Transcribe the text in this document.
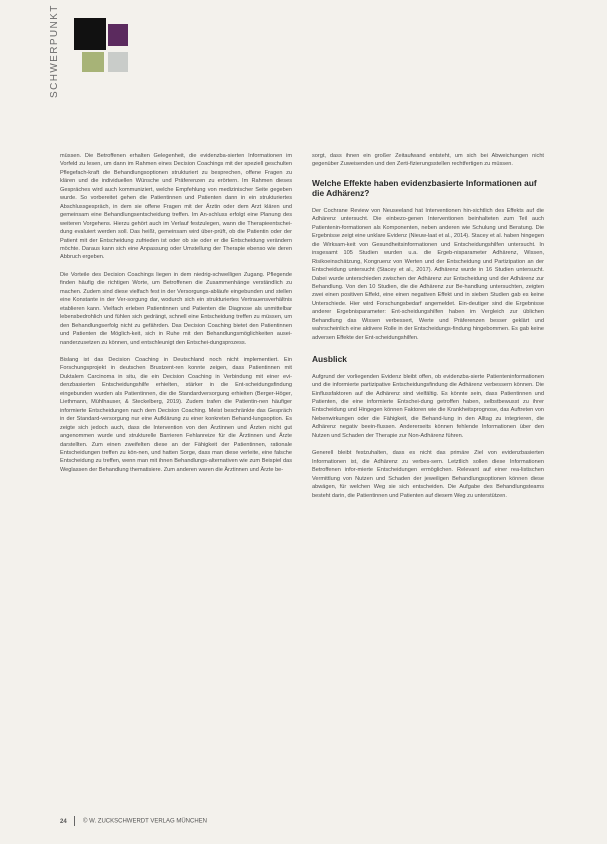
SCHWERPUNKT

müssen. Die Betroffenen erhalten Gelegenheit, die evidenzba-sierten Informationen im Vorfeld zu lesen, um dann im Rahmen eines Decision Coachings mit der speziell geschulten Pflegefach-kraft die Behandlungsoptionen strukturiert zu besprechen, offene Fragen zu klären und die individuellen Wünsche und Präferenzen zu erörtern. Im Rahmen dieses Gespräches wird auch kommuniziert, welche Empfehlung von medizinischer Seite gegeben wurde. So vorbereitet gehen die Patientinnen und Patienten dann in ein strukturiertes Abschlussgespräch, in dem sie offene Fragen mit der Ärztin oder dem Arzt klären und gemeinsam eine Behandlungsentscheidung treffen. Im An-schluss erfolgt eine Planung des weiteren Vorgehens. Hierzu gehört auch im Verlauf festzulegen, wann die Therapieentschei-dung evaluiert werden soll. Das heißt, gemeinsam wird über-prüft, ob die Patientin oder der Patient mit der Entscheidung zufrieden ist oder ob sie oder er die Entscheidung verändern möchte. Daraus kann sich eine Anpassung oder Umstellung der Therapie ebenso wie deren Abbruch ergeben.

Die Vorteile des Decision Coachings liegen in dem niedrig-schwelligen Zugang. Pflegende finden häufig die richtigen Worte, um Betroffenen die Zusammenhänge verständlich zu machen. Zudem sind diese vielfach fest in der Versorgungs-abläufe eingebunden und stellen eine Konstante in der Ver-sorgung dar, wodurch sich ein strukturiertes Vertrauensverhältnis etablieren kann. Vielfach erleben Patientinnen und Patienten die Diagnose als unmittelbar lebensbedrohlich und fühlen sich gedrängt, schnell eine Entscheidung treffen zu müssen, um den Behandlungserfolg nicht zu gefährden. Das Decision Coaching bietet den Patientinnen und Patienten die Möglich-keit, sich in Ruhe mit den Behandlungsmöglichkeiten ausei-nanderzusetzen zu können, und entschleunigt den Entschei-dungsprozess.

Bislang ist das Decision Coaching in Deutschland noch nicht implementiert. Ein Forschungsprojekt in deutschen Brustzent-ren konnte zeigen, dass Patientinnen mit Duktalem Carcinoma in situ, die ein Decision Coaching in Verbindung mit einer evi-denzbasierten Entscheidungshilfe erhielten, stärker in die Ent-scheidungsfindung eingebunden wurden als Patientinnen, die die Standardversorgung erhielten (Berger-Höger, Liethmann, Mühlhauser, & Steckelberg, 2019). Zudem trafen die Patientin-nen häufiger informierte Entscheidungen nach dem Decision Coaching. Meist beschränkte das Gespräch in der Standard-versorgung nur eine Aufklärung zu einer konkreten Behand-lungsoption. Es zeigte sich jedoch auch, dass die Intervention von den Ärztinnen und Ärzten nicht gut angenommen wurde und strukturelle Barrieren Fehlanreize für die Ärztinnen und Ärzte darstellten. Zum einen zweifelten diese an der Fähigkeit der Patientinnen, rationale Entscheidungen treffen zu kön-nen, und hatten Sorge, dass man diese verleite, eine falsche Entscheidung zu treffen, wenn man mit ihnen Behandlungs-alternativen wie zum Beispiel das Weglassen der Behandlung thematisiere. Zum anderen waren die Ärztinnen und Ärzte be-

sorgt, dass ihnen ein großer Zeitaufwand entsteht, um sich bei Abweichungen nicht gegenüber Zuweisenden und den Zerti-fizierungsstellen rechtfertigen zu müssen.

Welche Effekte haben evidenzbasierte Informationen auf die Adhärenz?

Der Cochrane Review von Neuseeland hat Interventionen hin-sichtlich des Effekts auf die Adhärenz untersucht. Die einbezo-genen Interventionen beinhalteten zum Teil auch Patientenin-formationen als Komponenten, neben anderen wie Schulung und Beratung. Die Ergebnisse zeigt eine unklare Evidenz (Nieuw-laat et al., 2014). Stacey et al. haben hingegen die Wirksam-keit von Gesundheitsinformationen und Entscheidungshilfen untersucht. In insgesamt 105 Studien wurden u.a. die Ergeb-nisparameter Adhärenz, Wissen, Risikoeinschätzung, Kongruenz von Werten und der Entscheidung und Partizipation an der Entscheidung untersucht (Stacey et al., 2017). Adhärenz wurde in 16 Studien untersucht. Dabei wurde unterschieden zwischen der Adhärenz zur Entscheidung und der Adhärenz zur Behandlung. Von den 10 Studien, die die Adhärenz zur Be-handlung untersuchten, zeigten zwei einen positiven Effekt, eine einen negativen Effekt und in sieben Studien gab es keine Unterschiede. Hier wird Forschungsbedarf angemeldet. Ein-deutiger sind die Ergebnisse anderer Ergebnisparameter: Ent-scheidungshilfen haben im Vergleich zur üblichen Behandlung das Wissen verbessert, Werte und Präferenzen besser geklärt und wahrscheinlich eine aktivere Rolle in der Entscheidungs-findung hingebommen. Es gab keine adversen Effekte der Ent-scheidungshilfen.

Ausblick

Aufgrund der vorliegenden Evidenz bleibt offen, ob evidenzba-sierte Patienteninformationen und die informierte partizipative Entscheidungsfindung die Adhärenz verbessern können. Die Einflussfaktoren auf die Adhärenz sind vielfältig. Es könnte sein, dass Patientinnen und Patienten, die eine informierte Entschei-dung getroffen haben, selbstbewusst zu ihrer Entscheidung und Hingegen können Faktoren wie die Krankheitsprognose, das Auftreten von Nebenwirkungen oder die Fähigkeit, die Behand-lung in den Alltag zu integrieren, die Adhärenz negativ beein-flussen. Andererseits können fehlende Informationen über den Nutzen und Schaden der Therapie zur Non-Adhärenz führen.

Generell bleibt festzuhalten, dass es nicht das primäre Ziel von evidenzbasierten Informationen ist, die Adhärenz zu verbes-sern. Letztlich sollen diese Informationen Betroffenen infor-mierte Entscheidungen ermöglichen. Relevant auf einer rea-listischen Vermittlung von Nutzen und Schaden der jeweiligen Behandlungsoptionen können diese abwägen, für welchen Weg sie sich entscheiden. Die Aufgabe des Behandlungsteams besteht darin, die Patientinnen und Patienten auf diesem Weg zu unterstützen.

24	© W. ZUCKSCHWERDT VERLAG MÜNCHEN
